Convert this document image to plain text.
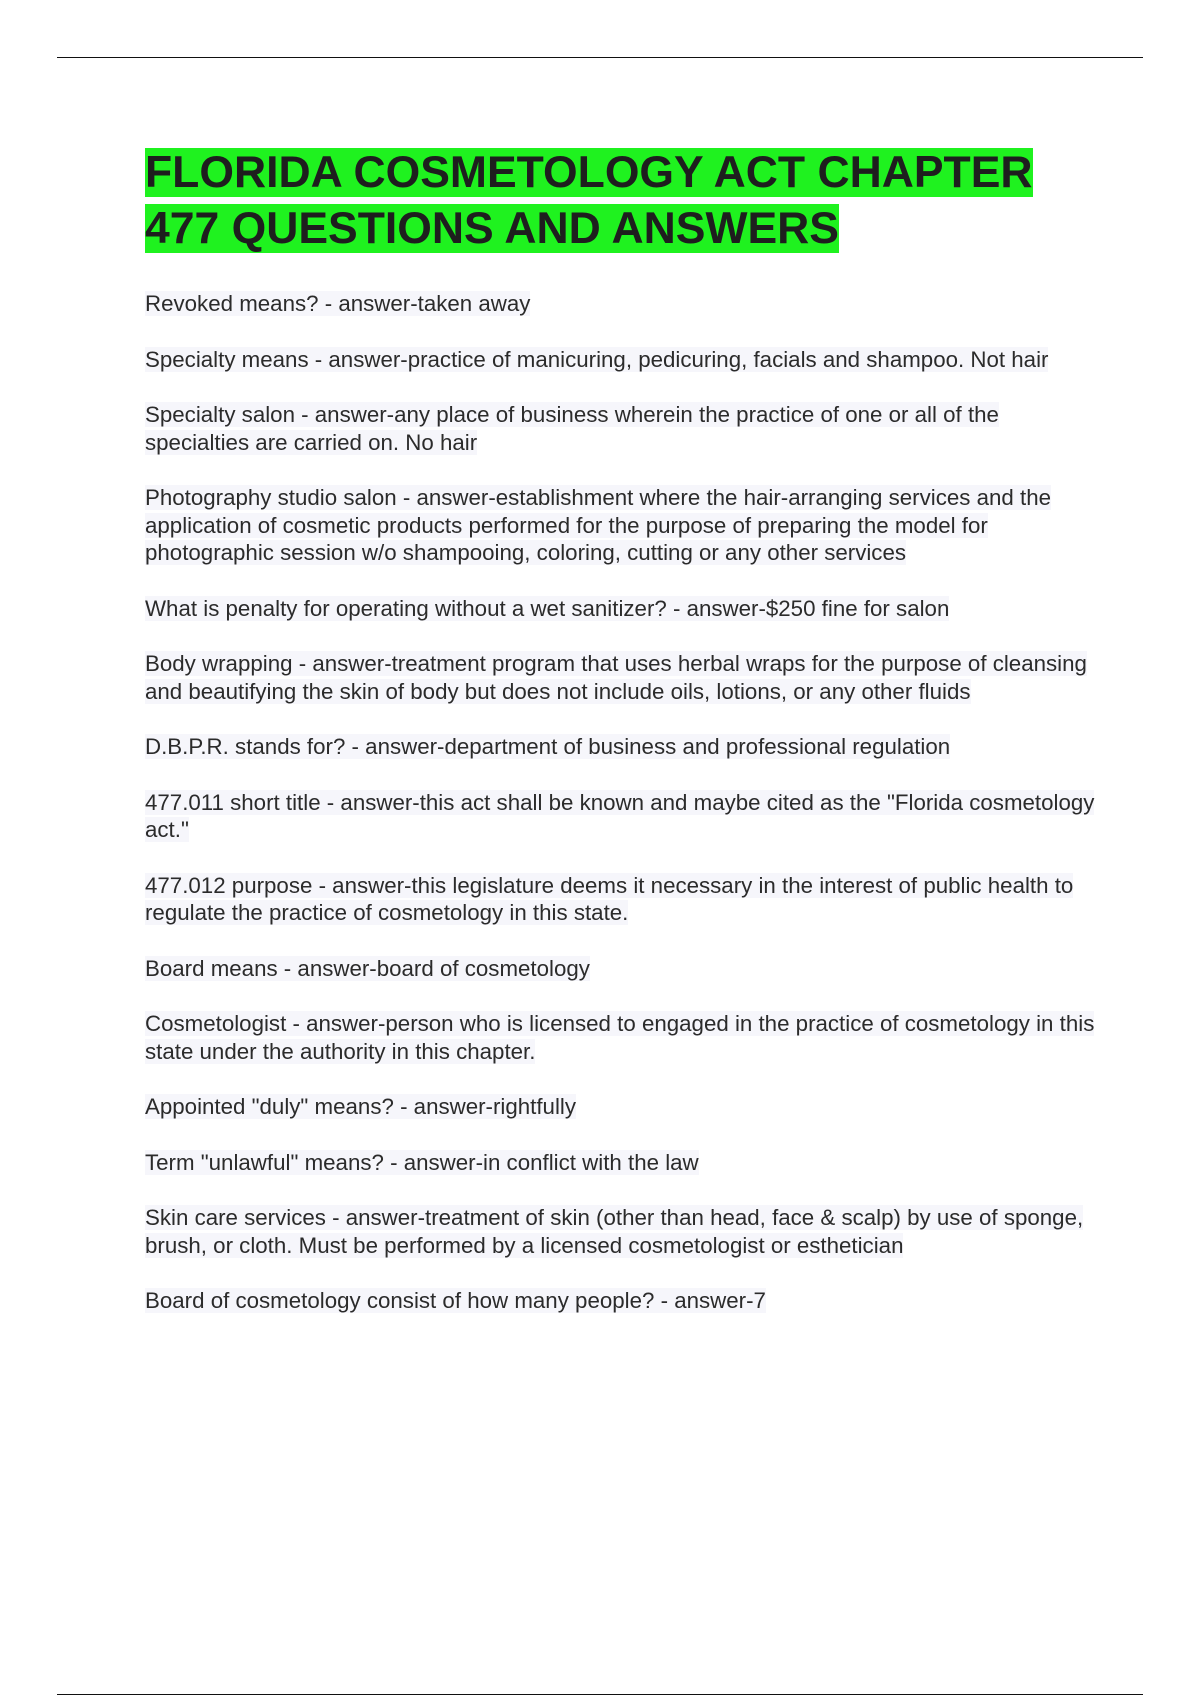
FLORIDA COSMETOLOGY ACT CHAPTER 477 QUESTIONS AND ANSWERS
Revoked means? - answer-taken away
Specialty means - answer-practice of manicuring, pedicuring, facials and shampoo. Not hair
Specialty salon - answer-any place of business wherein the practice of one or all of the specialties are carried on. No hair
Photography studio salon - answer-establishment where the hair-arranging services and the application of cosmetic products performed for the purpose of preparing the model for photographic session w/o shampooing, coloring, cutting or any other services
What is penalty for operating without a wet sanitizer? - answer-$250 fine for salon
Body wrapping - answer-treatment program that uses herbal wraps for the purpose of cleansing and beautifying the skin of body but does not include oils, lotions, or any other fluids
D.B.P.R. stands for? - answer-department of business and professional regulation
477.011 short title - answer-this act shall be known and maybe cited as the "Florida cosmetology act."
477.012 purpose - answer-this legislature deems it necessary in the interest of public health to regulate the practice of cosmetology in this state.
Board means - answer-board of cosmetology
Cosmetologist - answer-person who is licensed to engaged in the practice of cosmetology in this state under the authority in this chapter.
Appointed "duly" means? - answer-rightfully
Term "unlawful" means? - answer-in conflict with the law
Skin care services - answer-treatment of skin (other than head, face & scalp) by use of sponge, brush, or cloth. Must be performed by a licensed cosmetologist or esthetician
Board of cosmetology consist of how many people? - answer-7
